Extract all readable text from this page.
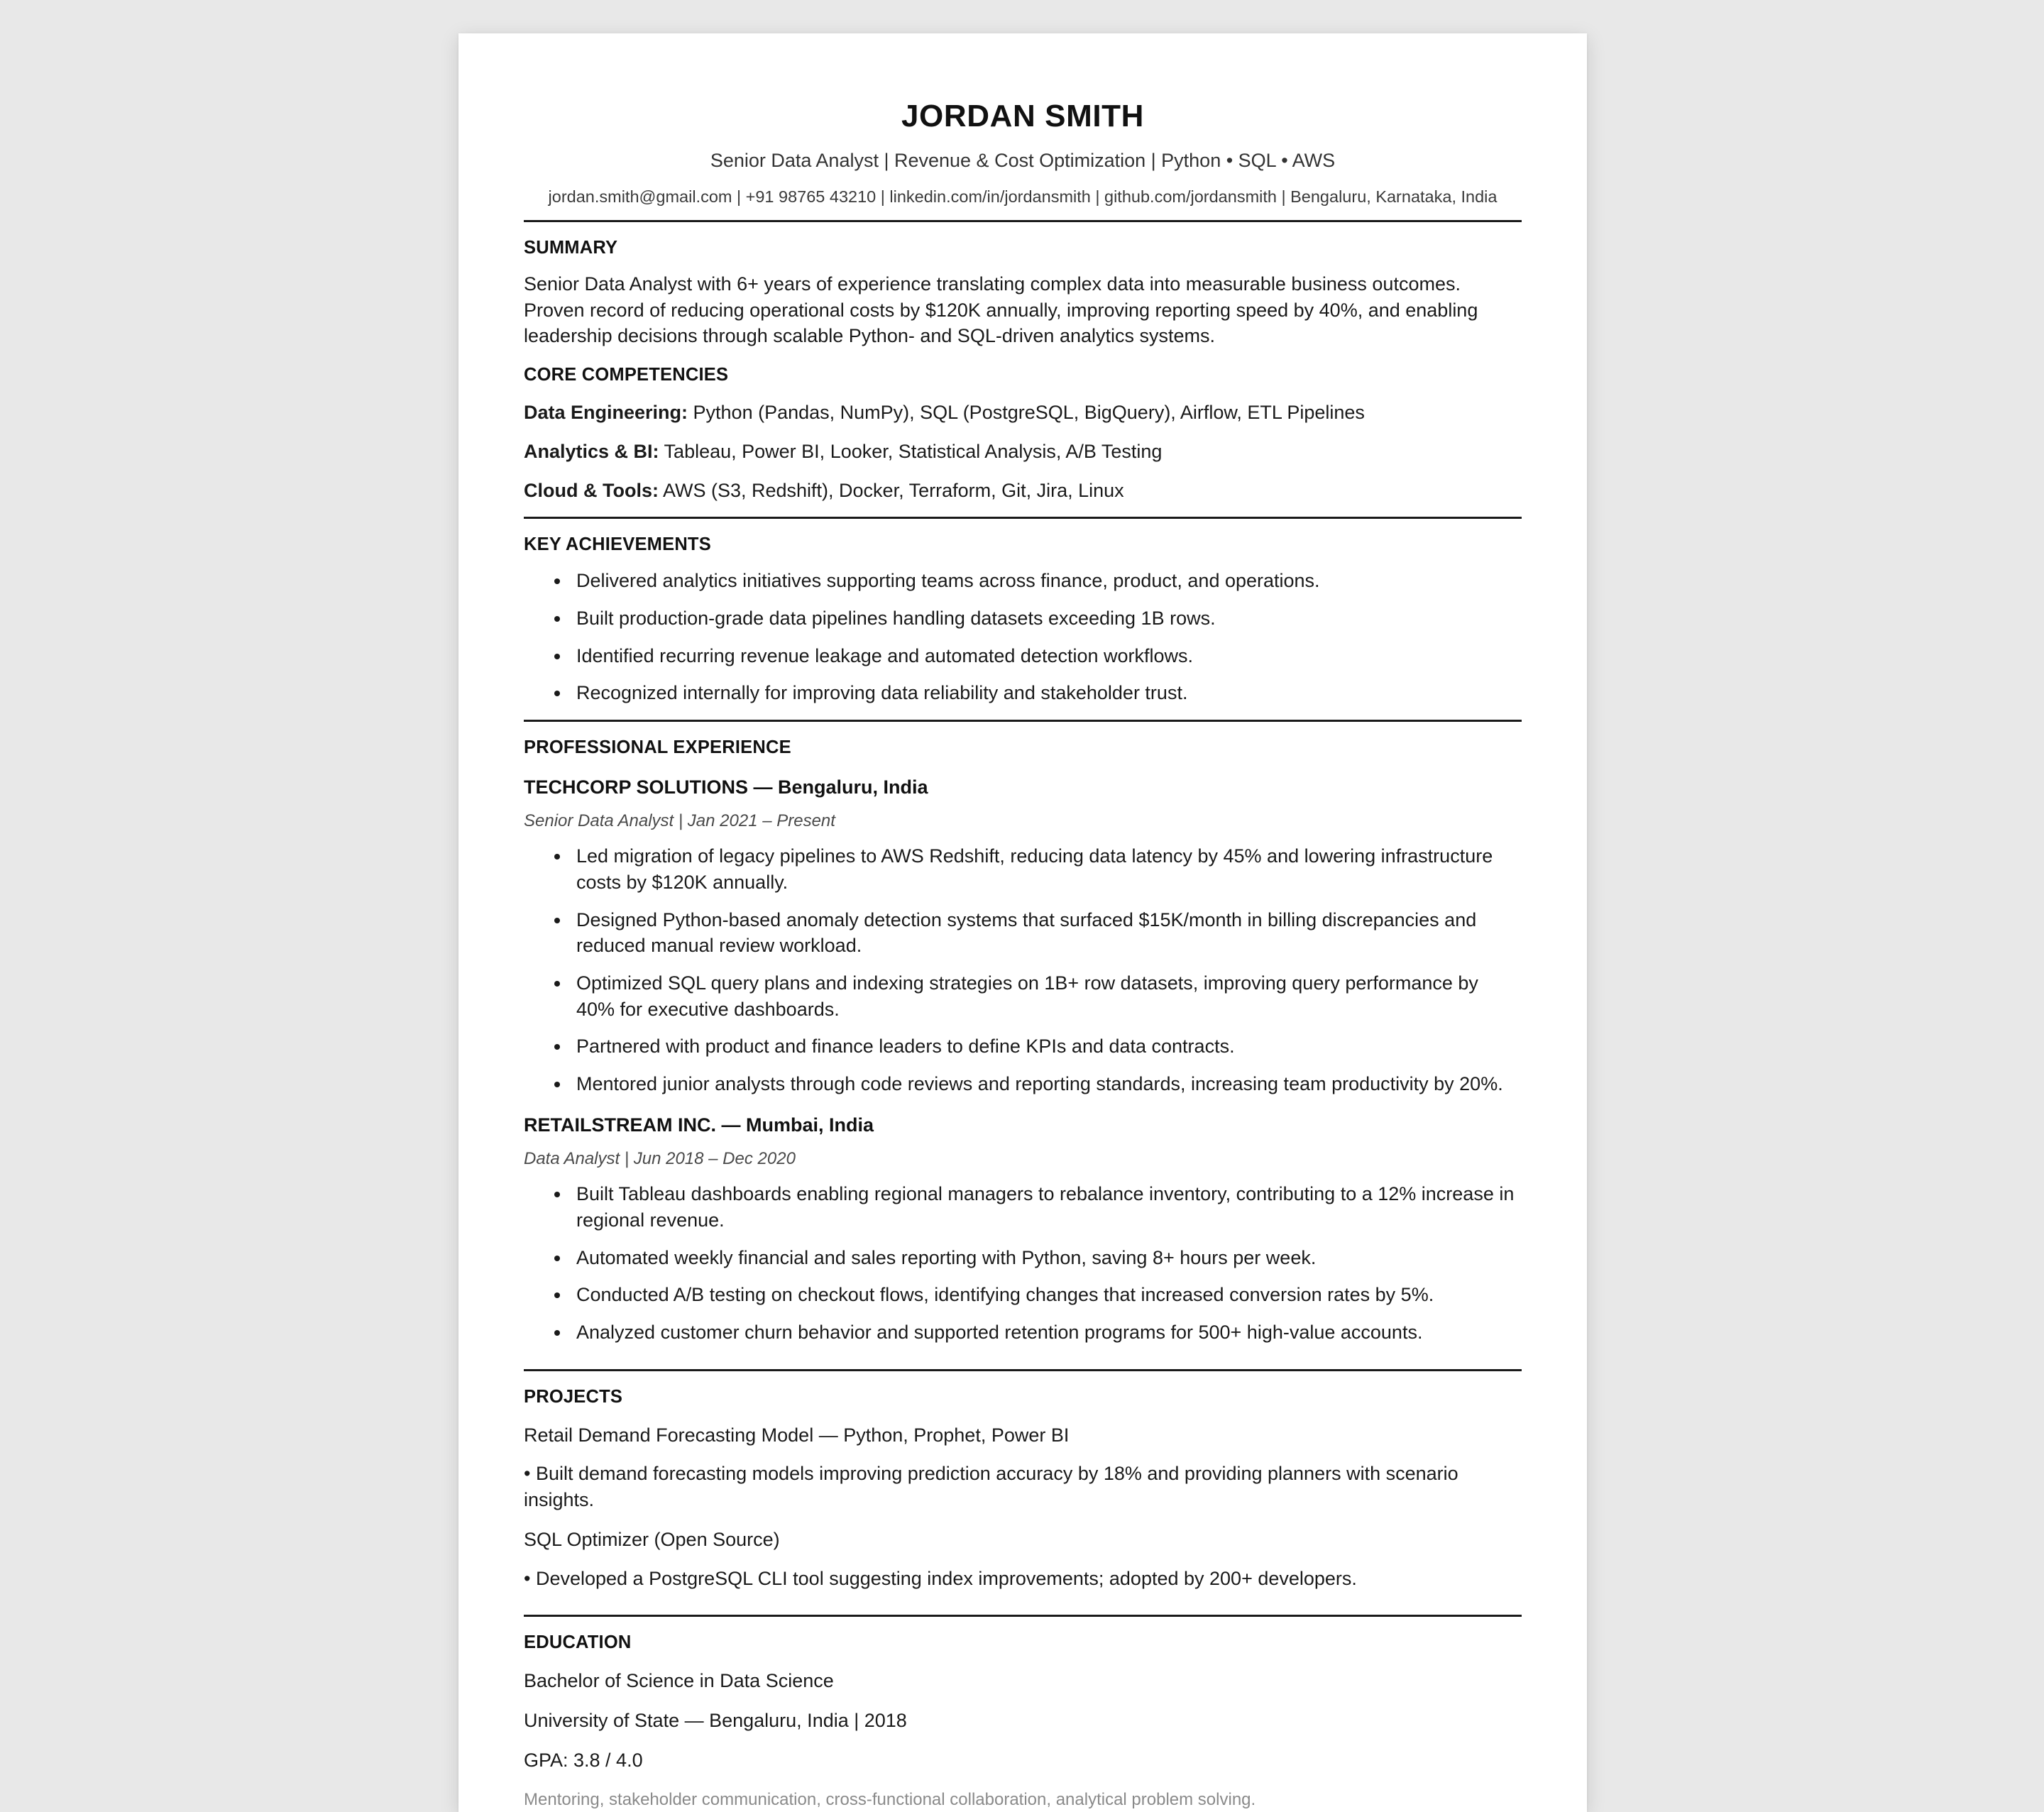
JORDAN SMITH

Senior Data Analyst | Revenue & Cost Optimization | Python • SQL • AWS

jordan.smith@gmail.com | +91 98765 43210 | linkedin.com/in/jordansmith | github.com/jordansmith | Bengaluru, Karnataka, India

SUMMARY

Senior Data Analyst with 6+ years of experience translating complex data into measurable business outcomes. Proven record of reducing operational costs by $120K annually, improving reporting speed by 40%, and enabling leadership decisions through scalable Python- and SQL-driven analytics systems.

CORE COMPETENCIES

Data Engineering: Python (Pandas, NumPy), SQL (PostgreSQL, BigQuery), Airflow, ETL Pipelines

Analytics & BI: Tableau, Power BI, Looker, Statistical Analysis, A/B Testing

Cloud & Tools: AWS (S3, Redshift), Docker, Terraform, Git, Jira, Linux

KEY ACHIEVEMENTS
• Delivered analytics initiatives supporting teams across finance, product, and operations.
• Built production-grade data pipelines handling datasets exceeding 1B rows.
• Identified recurring revenue leakage and automated detection workflows.
• Recognized internally for improving data reliability and stakeholder trust.
PROFESSIONAL EXPERIENCE
TECHCORP SOLUTIONS — Bengaluru, India
Senior Data Analyst | Jan 2021 – Present
• Led migration of legacy pipelines to AWS Redshift, reducing data latency by 45% and lowering infrastructure costs by $120K annually.
• Designed Python-based anomaly detection systems that surfaced $15K/month in billing discrepancies and reduced manual review workload.
• Optimized SQL query plans and indexing strategies on 1B+ row datasets, improving query performance by 40% for executive dashboards.
• Partnered with product and finance leaders to define KPIs and data contracts.
• Mentored junior analysts through code reviews and reporting standards, increasing team productivity by 20%.
RETAILSTREAM INC. — Mumbai, India
Data Analyst | Jun 2018 – Dec 2020
• Built Tableau dashboards enabling regional managers to rebalance inventory, contributing to a 12% increase in regional revenue.
• Automated weekly financial and sales reporting with Python, saving 8+ hours per week.
• Conducted A/B testing on checkout flows, identifying changes that increased conversion rates by 5%.
• Analyzed customer churn behavior and supported retention programs for 500+ high-value accounts.
PROJECTS

Retail Demand Forecasting Model — Python, Prophet, Power BI

• Built demand forecasting models improving prediction accuracy by 18% and providing planners with scenario insights.

SQL Optimizer (Open Source)

• Developed a PostgreSQL CLI tool suggesting index improvements; adopted by 200+ developers.

EDUCATION

Bachelor of Science in Data Science

University of State — Bengaluru, India | 2018

GPA: 3.8 / 4.0

Mentoring, stakeholder communication, cross-functional collaboration, analytical problem solving.
